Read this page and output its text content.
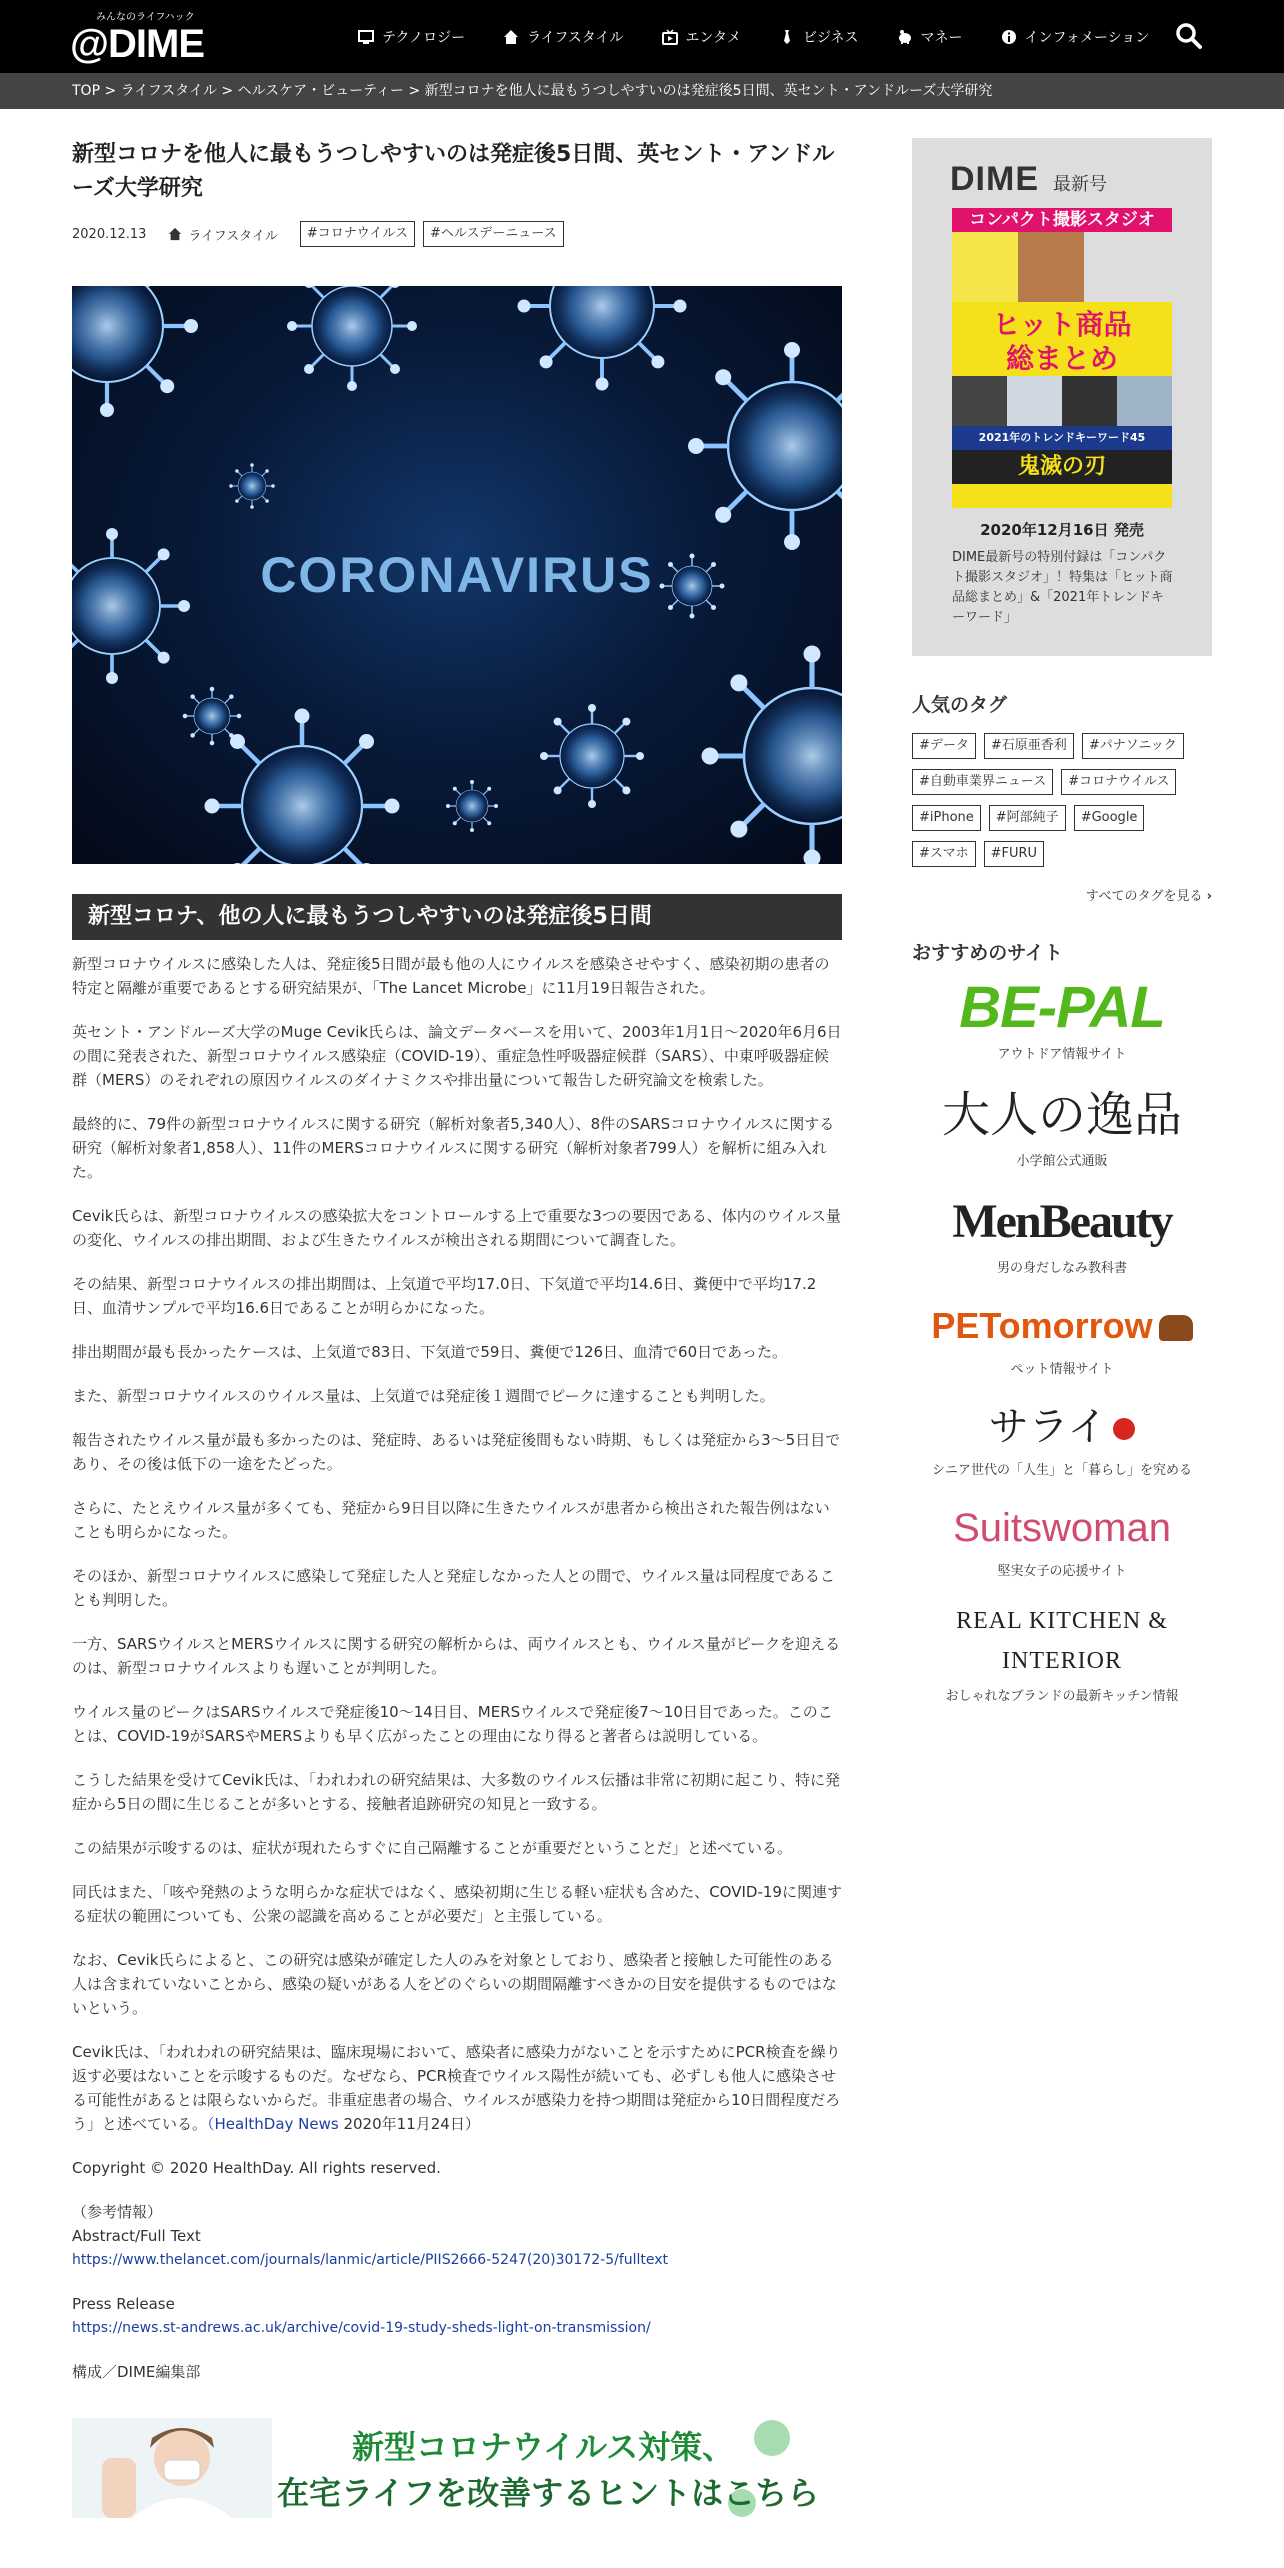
みんなのライフハック
@DIME	テクノロジー	ライフスタイル	エンタメ	ビジネス	マネー	インフォメーション
TOP > ライフスタイル > ヘルスケア・ビューティー > 新型コロナを他人に最もうつしやすいのは発症後5日間、英セント・アンドルーズ大学研究
新型コロナを他人に最もうつしやすいのは発症後5日間、英セント・アンドルーズ大学研究
2020.12.13	ライフスタイル	#コロナウイルス	#ヘルスデーニュース
CORONAVIRUS
新型コロナ、他の人に最もうつしやすいのは発症後5日間

新型コロナウイルスに感染した人は、発症後5日間が最も他の人にウイルスを感染させやすく、感染初期の患者の特定と隔離が重要であるとする研究結果が、「The Lancet Microbe」に11月19日報告された。

英セント・アンドルーズ大学のMuge Cevik氏らは、論文データベースを用いて、2003年1月1日～2020年6月6日の間に発表された、新型コロナウイルス感染症（COVID-19）、重症急性呼吸器症候群（SARS）、中東呼吸器症候群（MERS）のそれぞれの原因ウイルスのダイナミクスや排出量について報告した研究論文を検索した。

最終的に、79件の新型コロナウイルスに関する研究（解析対象者5,340人）、8件のSARSコロナウイルスに関する研究（解析対象者1,858人）、11件のMERSコロナウイルスに関する研究（解析対象者799人）を解析に組み入れた。

Cevik氏らは、新型コロナウイルスの感染拡大をコントロールする上で重要な3つの要因である、体内のウイルス量の変化、ウイルスの排出期間、および生きたウイルスが検出される期間について調査した。

その結果、新型コロナウイルスの排出期間は、上気道で平均17.0日、下気道で平均14.6日、糞便中で平均17.2日、血清サンプルで平均16.6日であることが明らかになった。

排出期間が最も長かったケースは、上気道で83日、下気道で59日、糞便で126日、血清で60日であった。

また、新型コロナウイルスのウイルス量は、上気道では発症後１週間でピークに達することも判明した。

報告されたウイルス量が最も多かったのは、発症時、あるいは発症後間もない時期、もしくは発症から3～5日目であり、その後は低下の一途をたどった。

さらに、たとえウイルス量が多くても、発症から9日目以降に生きたウイルスが患者から検出された報告例はないことも明らかになった。

そのほか、新型コロナウイルスに感染して発症した人と発症しなかった人との間で、ウイルス量は同程度であることも判明した。

一方、SARSウイルスとMERSウイルスに関する研究の解析からは、両ウイルスとも、ウイルス量がピークを迎えるのは、新型コロナウイルスよりも遅いことが判明した。

ウイルス量のピークはSARSウイルスで発症後10～14日目、MERSウイルスで発症後7～10日目であった。このことは、COVID-19がSARSやMERSよりも早く広がったことの理由になり得ると著者らは説明している。

こうした結果を受けてCevik氏は、「われわれの研究結果は、大多数のウイルス伝播は非常に初期に起こり、特に発症から5日の間に生じることが多いとする、接触者追跡研究の知見と一致する。

この結果が示唆するのは、症状が現れたらすぐに自己隔離することが重要だということだ」と述べている。

同氏はまた、「咳や発熱のような明らかな症状ではなく、感染初期に生じる軽い症状も含めた、COVID-19に関連する症状の範囲についても、公衆の認識を高めることが必要だ」と主張している。

なお、Cevik氏らによると、この研究は感染が確定した人のみを対象としており、感染者と接触した可能性のある人は含まれていないことから、感染の疑いがある人をどのぐらいの期間隔離すべきかの目安を提供するものではないという。

Cevik氏は、「われわれの研究結果は、臨床現場において、感染者に感染力がないことを示すためにPCR検査を繰り返す必要はないことを示唆するものだ。なぜなら、PCR検査でウイルス陽性が続いても、必ずしも他人に感染させる可能性があるとは限らないからだ。非重症患者の場合、ウイルスが感染力を持つ期間は発症から10日間程度だろう」と述べている。（HealthDay News 2020年11月24日）

Copyright © 2020 HealthDay. All rights reserved.

（参考情報）
Abstract/Full Text
https://www.thelancet.com/journals/lanmic/article/PIIS2666-5247(20)30172-5/fulltext
Press Release
https://news.st-andrews.ac.uk/archive/covid-19-study-sheds-light-on-transmission/

構成／DIME編集部

新型コロナウイルス対策、
在宅ライフを改善するヒントはこちら
DIME 最新号
コンパクト撮影スタジオ
ヒット商品
総まとめ
2021年のトレンドキーワード45
鬼滅の刃
2020年12月16日 発売
DIME最新号の特別付録は「コンパクト撮影スタジオ」！特集は「ヒット商品総まとめ」&「2021年トレンドキーワード」
人気のタグ
#データ	#石原亜香利	#パナソニック
#自動車業界ニュース	#コロナウイルス
#iPhone	#阿部純子	#Google
#スマホ	#FURU
すべてのタグを見る ›
おすすめのサイト
BE-PAL
アウトドア情報サイト
大人の逸品
小学館公式通販
MenBeauty
男の身だしなみ教科書
PETomorrow
ペット情報サイト
サライ
シニア世代の「人生」と「暮らし」を究める
Suitswoman
堅実女子の応援サイト
REAL KITCHEN & INTERIOR
おしゃれなブランドの最新キッチン情報
